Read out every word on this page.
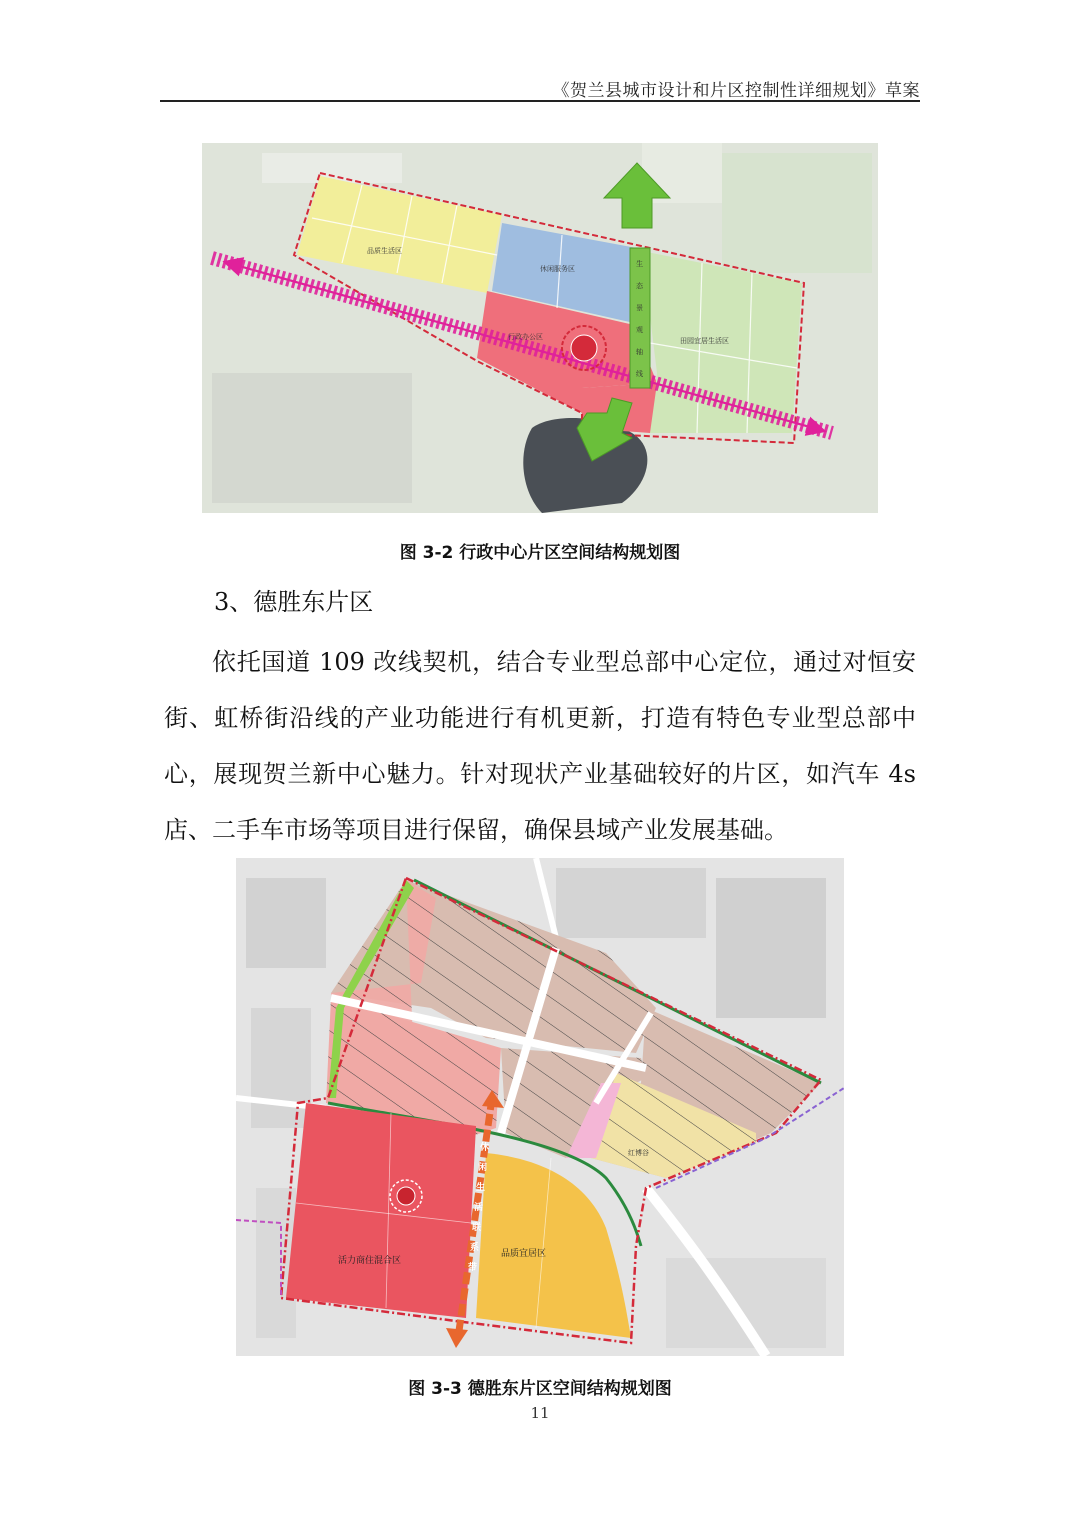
《贺兰县城市设计和片区控制性详细规划》草案
生
态
景
观
轴
线
品质生活区
休闲服务区
行政办公区	田园宜居生活区
图 3-2 行政中心片区空间结构规划图
3、德胜东片区
依托国道 109 改线契机，结合专业型总部中心定位，通过对恒安街、虹桥街沿线的产业功能进行有机更新，打造有特色专业型总部中心，展现贺兰新中心魅力。针对现状产业基础较好的片区，如汽车 4s 店、二手车市场等项目进行保留，确保县域产业发展基础。
休
闲
生
活
联
系
带
活力商住混合区
品质宜居区
红博谷
图 3-3 德胜东片区空间结构规划图
11
